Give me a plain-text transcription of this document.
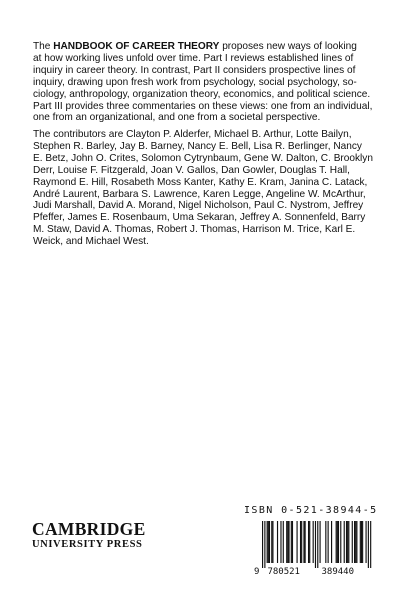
The HANDBOOK OF CAREER THEORY proposes new ways of looking
at how working lives unfold over time. Part I reviews established lines of
inquiry in career theory. In contrast, Part II considers prospective lines of
inquiry, drawing upon fresh work from psychology, social psychology, so-
ciology, anthropology, organization theory, economics, and political science.
Part III provides three commentaries on these views: one from an individual,
one from an organizational, and one from a societal perspective.

The contributors are Clayton P. Alderfer, Michael B. Arthur, Lotte Bailyn,
Stephen R. Barley, Jay B. Barney, Nancy E. Bell, Lisa R. Berlinger, Nancy
E. Betz, John O. Crites, Solomon Cytrynbaum, Gene W. Dalton, C. Brooklyn
Derr, Louise F. Fitzgerald, Joan V. Gallos, Dan Gowler, Douglas T. Hall,
Raymond E. Hill, Rosabeth Moss Kanter, Kathy E. Kram, Janina C. Latack,
André Laurent, Barbara S. Lawrence, Karen Legge, Angeline W. McArthur,
Judi Marshall, David A. Morand, Nigel Nicholson, Paul C. Nystrom, Jeffrey
Pfeffer, James E. Rosenbaum, Uma Sekaran, Jeffrey A. Sonnenfeld, Barry
M. Staw, David A. Thomas, Robert J. Thomas, Harrison M. Trice, Karl E.
Weick, and Michael West.

CAMBRIDGE
UNIVERSITY PRESS
ISBN 0-521-38944-5
9 780521 389440
